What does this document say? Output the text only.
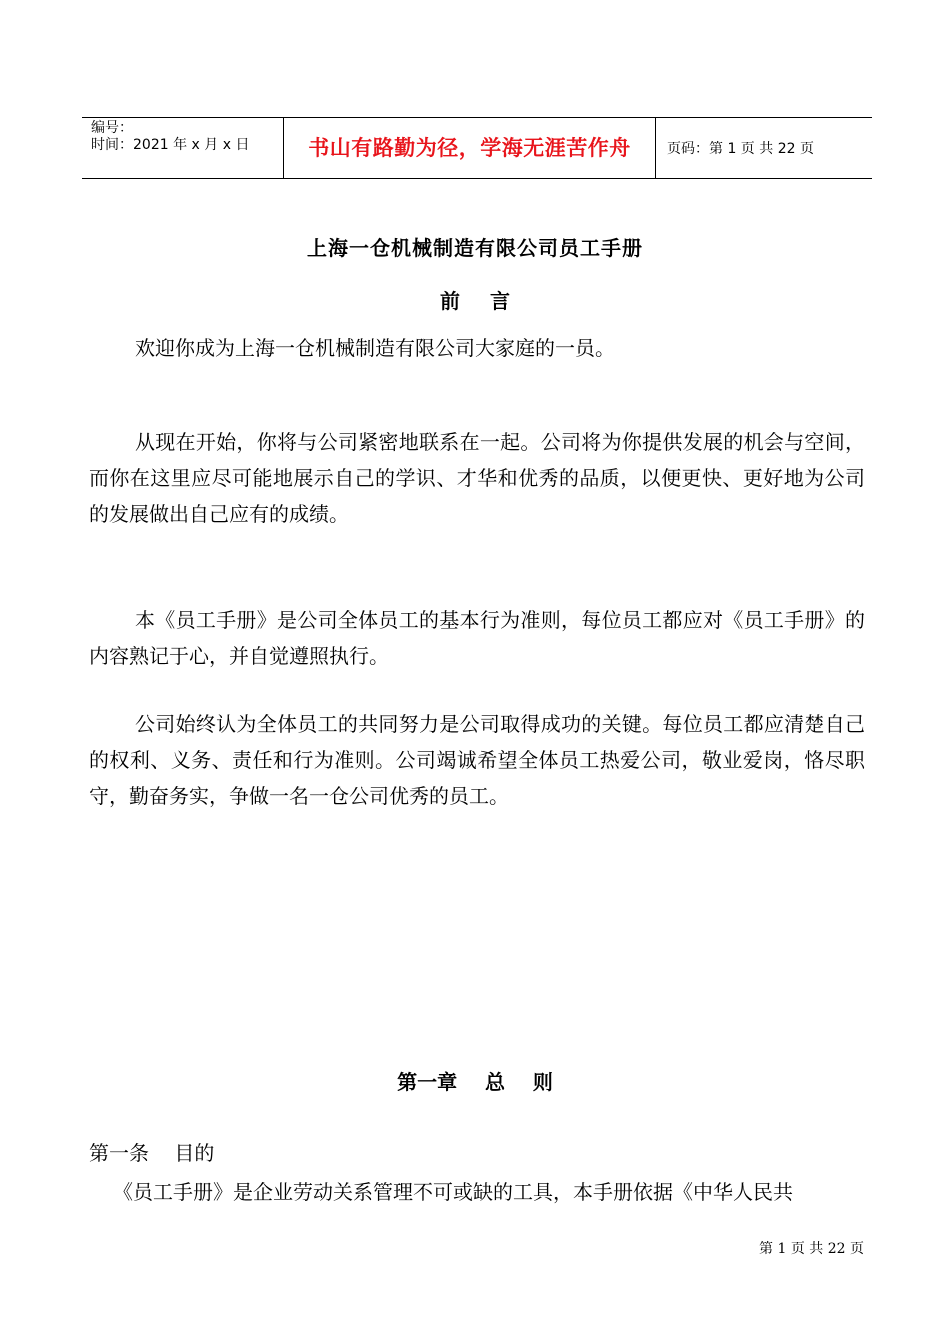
编号：
时间：2021 年 x 月 x 日	书山有路勤为径，学海无涯苦作舟	页码：第 1 页 共 22 页
上海一仓机械制造有限公司员工手册
前言

欢迎你成为上海一仓机械制造有限公司大家庭的一员。

从现在开始，你将与公司紧密地联系在一起。公司将为你提供发展的机会与空间，而你在这里应尽可能地展示自己的学识、才华和优秀的品质，以便更快、更好地为公司的发展做出自己应有的成绩。

本《员工手册》是公司全体员工的基本行为准则，每位员工都应对《员工手册》的内容熟记于心，并自觉遵照执行。

公司始终认为全体员工的共同努力是公司取得成功的关键。每位员工都应清楚自己的权利、义务、责任和行为准则。公司竭诚希望全体员工热爱公司，敬业爱岗，恪尽职守，勤奋务实，争做一名一仓公司优秀的员工。

第一章    总    则
第一条    目的

《员工手册》是企业劳动关系管理不可或缺的工具，本手册依据《中华人民共

第 1 页 共 22 页
